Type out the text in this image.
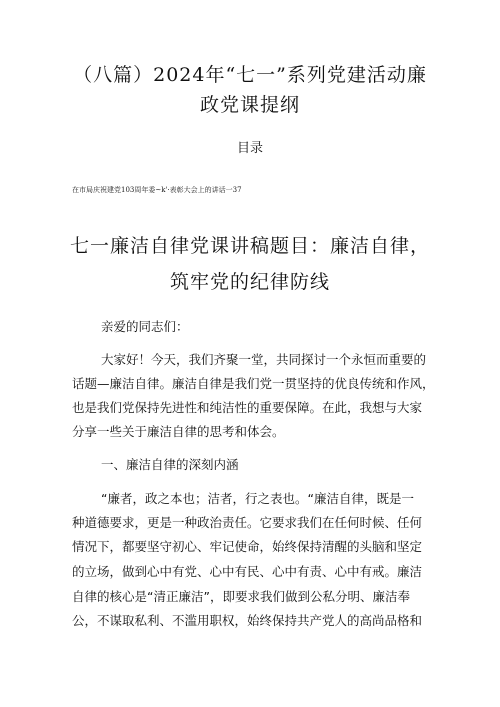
（八篇）2024年“七一”系列党建活动廉
政党课提纲
目录
在市局庆祝建党103周年委~k'·表彰大会上的讲话一37
七一廉洁自律党课讲稿题目：廉洁自律，
筑牢党的纪律防线
亲爱的同志们：
大家好！今天，我们齐聚一堂，共同探讨一个永恒而重要的
话题—廉洁自律。廉洁自律是我们党一贯坚持的优良传统和作风，
也是我们党保持先进性和纯洁性的重要保障。在此，我想与大家
分享一些关于廉洁自律的思考和体会。
一、廉洁自律的深刻内涵
“廉者，政之本也；洁者，行之表也。“廉洁自律，既是一
种道德要求，更是一种政治责任。它要求我们在任何时候、任何
情况下，都要坚守初心、牢记使命，始终保持清醒的头脑和坚定
的立场，做到心中有党、心中有民、心中有责、心中有戒。廉洁
自律的核心是“清正廉洁”，即要求我们做到公私分明、廉洁奉
公，不谋取私利、不滥用职权，始终保持共产党人的高尚品格和
